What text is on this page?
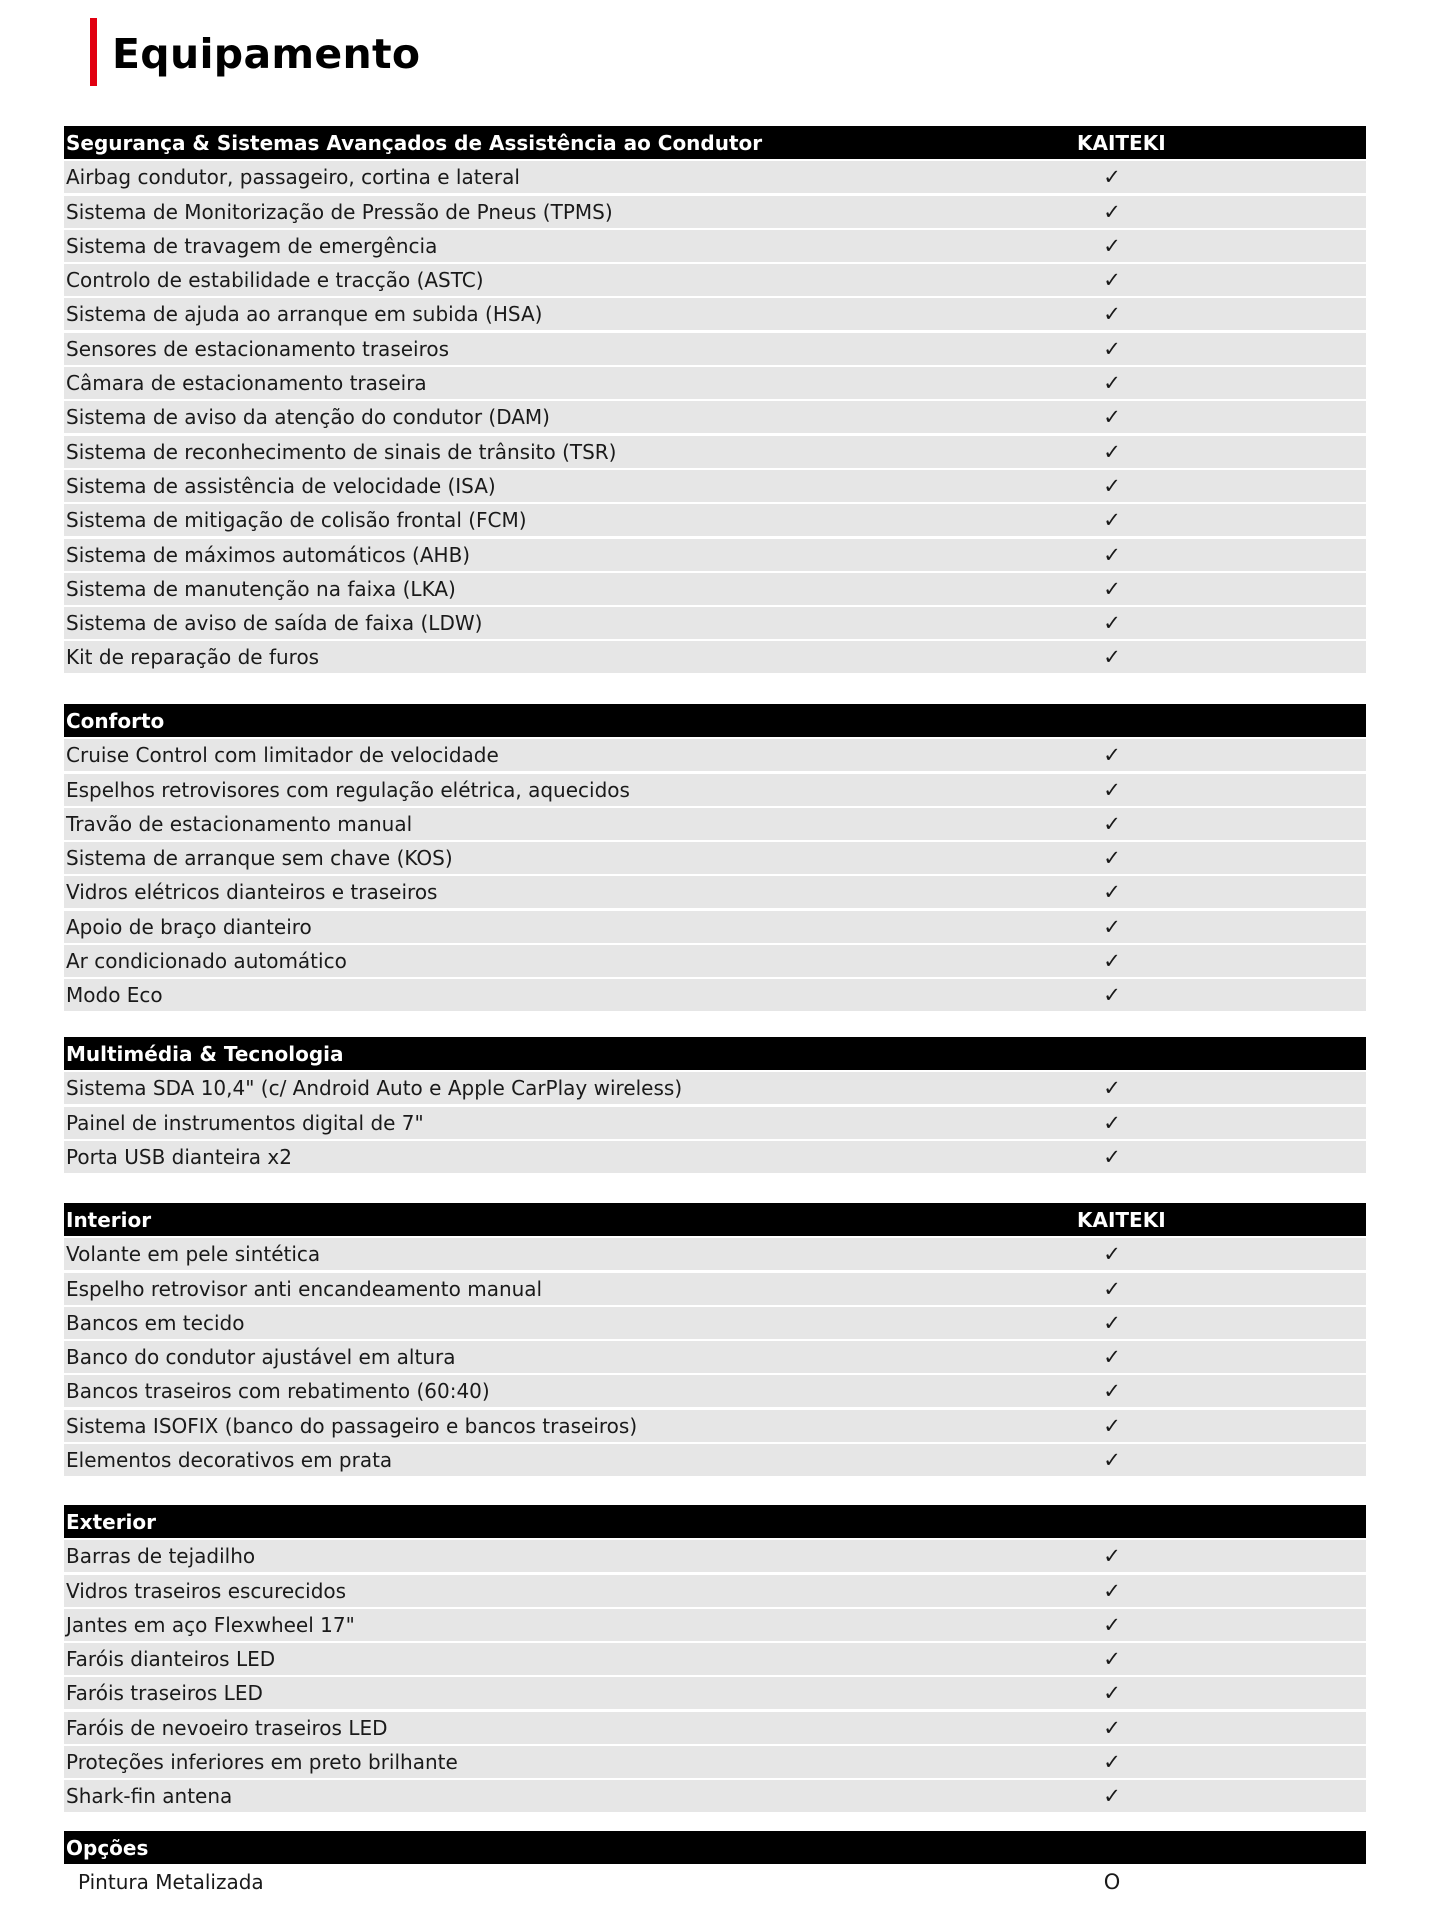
Equipamento
Segurança & Sistemas Avançados de Assistência ao Condutor	KAITEKI
Airbag condutor, passageiro, cortina e lateral	✓
Sistema de Monitorização de Pressão de Pneus (TPMS)	✓
Sistema de travagem de emergência	✓
Controlo de estabilidade e tracção (ASTC)	✓
Sistema de ajuda ao arranque em subida (HSA)	✓
Sensores de estacionamento traseiros	✓
Câmara de estacionamento traseira	✓
Sistema de aviso da atenção do condutor (DAM)	✓
Sistema de reconhecimento de sinais de trânsito (TSR)	✓
Sistema de assistência de velocidade (ISA)	✓
Sistema de mitigação de colisão frontal (FCM)	✓
Sistema de máximos automáticos (AHB)	✓
Sistema de manutenção na faixa (LKA)	✓
Sistema de aviso de saída de faixa (LDW)	✓
Kit de reparação de furos	✓
Conforto
Cruise Control com limitador de velocidade	✓
Espelhos retrovisores com regulação elétrica, aquecidos	✓
Travão de estacionamento manual	✓
Sistema de arranque sem chave (KOS)	✓
Vidros elétricos dianteiros e traseiros	✓
Apoio de braço dianteiro	✓
Ar condicionado automático	✓
Modo Eco	✓
Multimédia & Tecnologia
Sistema SDA 10,4" (c/ Android Auto e Apple CarPlay wireless)	✓
Painel de instrumentos digital de 7"	✓
Porta USB dianteira x2	✓
Interior	KAITEKI
Volante em pele sintética	✓
Espelho retrovisor anti encandeamento manual	✓
Bancos em tecido	✓
Banco do condutor ajustável em altura	✓
Bancos traseiros com rebatimento (60:40)	✓
Sistema ISOFIX (banco do passageiro e bancos traseiros)	✓
Elementos decorativos em prata	✓
Exterior
Barras de tejadilho	✓
Vidros traseiros escurecidos	✓
Jantes em aço Flexwheel 17"	✓
Faróis dianteiros LED	✓
Faróis traseiros LED	✓
Faróis de nevoeiro traseiros LED	✓
Proteções inferiores em preto brilhante	✓
Shark-fin antena	✓
Opções
Pintura Metalizada	O
